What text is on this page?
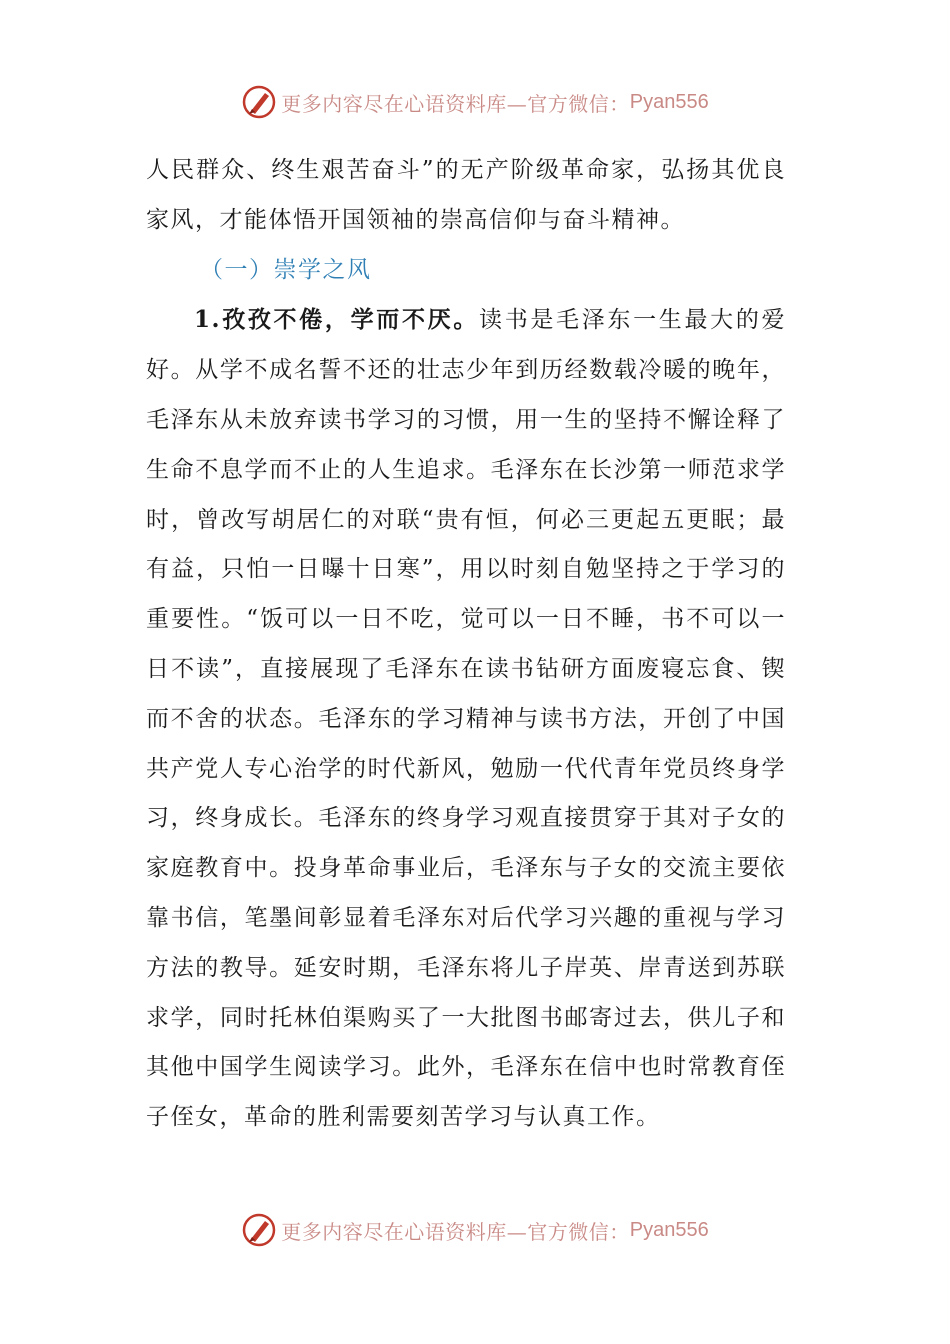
更多内容尽在心语资料库—官方微信： Pyan556

人民群众、终生艰苦奋斗”的无产阶级革命家，弘扬其优良家风，才能体悟开国领袖的崇高信仰与奋斗精神。

（一）崇学之风

1.孜孜不倦，学而不厌。读书是毛泽东一生最大的爱好。从学不成名誓不还的壮志少年到历经数载冷暖的晚年，毛泽东从未放弃读书学习的习惯，用一生的坚持不懈诠释了生命不息学而不止的人生追求。毛泽东在长沙第一师范求学时，曾改写胡居仁的对联“贵有恒，何必三更起五更眠；最有益，只怕一日曝十日寒”，用以时刻自勉坚持之于学习的重要性。“饭可以一日不吃，觉可以一日不睡，书不可以一日不读”，直接展现了毛泽东在读书钻研方面废寝忘食、锲而不舍的状态。毛泽东的学习精神与读书方法，开创了中国共产党人专心治学的时代新风，勉励一代代青年党员终身学习，终身成长。毛泽东的终身学习观直接贯穿于其对子女的家庭教育中。投身革命事业后，毛泽东与子女的交流主要依靠书信，笔墨间彰显着毛泽东对后代学习兴趣的重视与学习方法的教导。延安时期，毛泽东将儿子岸英、岸青送到苏联求学，同时托林伯渠购买了一大批图书邮寄过去，供儿子和其他中国学生阅读学习。此外，毛泽东在信中也时常教育侄子侄女，革命的胜利需要刻苦学习与认真工作。

更多内容尽在心语资料库—官方微信： Pyan556
